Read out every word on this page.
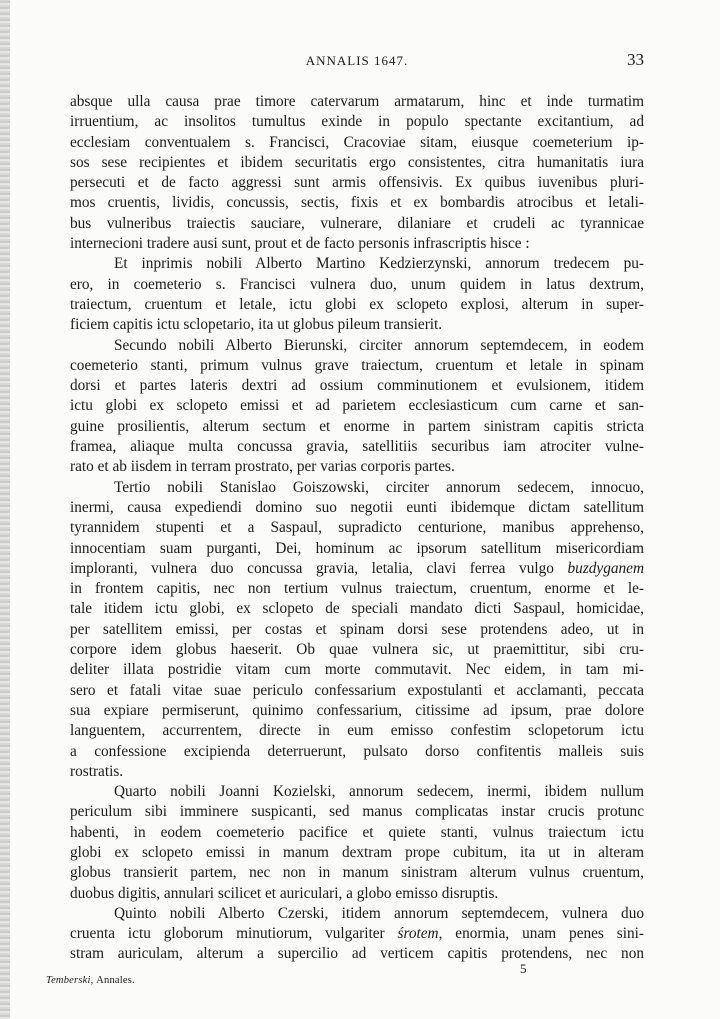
ANNALIS 1647.	33
absque ulla causa prae timore catervarum armatarum, hinc et inde turmatim
irruentium, ac insolitos tumultus exinde in populo spectante excitantium, ad
ecclesiam conventualem s. Francisci, Cracoviae sitam, eiusque coemeterium ip-
sos sese recipientes et ibidem securitatis ergo consistentes, citra humanitatis iura
persecuti et de facto aggressi sunt armis offensivis. Ex quibus iuvenibus pluri-
mos cruentis, lividis, concussis, sectis, fixis et ex bombardis atrocibus et letali-
bus vulneribus traiectis sauciare, vulnerare, dilaniare et crudeli ac tyrannicae
internecioni tradere ausi sunt, prout et de facto personis infrascriptis hisce :
Et inprimis nobili Alberto Martino Kedzierzynski, annorum tredecem pu-
ero, in coemeterio s. Francisci vulnera duo, unum quidem in latus dextrum,
traiectum, cruentum et letale, ictu globi ex sclopeto explosi, alterum in super-
ficiem capitis ictu sclopetario, ita ut globus pileum transierit.
Secundo nobili Alberto Bierunski, circiter annorum septemdecem, in eodem
coemeterio stanti, primum vulnus grave traiectum, cruentum et letale in spinam
dorsi et partes lateris dextri ad ossium comminutionem et evulsionem, itidem
ictu globi ex sclopeto emissi et ad parietem ecclesiasticum cum carne et san-
guine prosilientis, alterum sectum et enorme in partem sinistram capitis stricta
framea, aliaque multa concussa gravia, satellitiis securibus iam atrociter vulne-
rato et ab iisdem in terram prostrato, per varias corporis partes.
Tertio nobili Stanislao Goiszowski, circiter annorum sedecem, innocuo,
inermi, causa expediendi domino suo negotii eunti ibidemque dictam satellitum
tyrannidem stupenti et a Saspaul, supradicto centurione, manibus apprehenso,
innocentiam suam purganti, Dei, hominum ac ipsorum satellitum misericordiam
imploranti, vulnera duo concussa gravia, letalia, clavi ferrea vulgo buzdyganem
in frontem capitis, nec non tertium vulnus traiectum, cruentum, enorme et le-
tale itidem ictu globi, ex sclopeto de speciali mandato dicti Saspaul, homicidae,
per satellitem emissi, per costas et spinam dorsi sese protendens adeo, ut in
corpore idem globus haeserit. Ob quae vulnera sic, ut praemittitur, sibi cru-
deliter illata postridie vitam cum morte commutavit. Nec eidem, in tam mi-
sero et fatali vitae suae periculo confessarium expostulanti et acclamanti, peccata
sua expiare permiserunt, quinimo confessarium, citissime ad ipsum, prae dolore
languentem, accurrentem, directe in eum emisso confestim sclopetorum ictu
a confessione excipienda deterruerunt, pulsato dorso confitentis malleis suis
rostratis.
Quarto nobili Joanni Kozielski, annorum sedecem, inermi, ibidem nullum
periculum sibi imminere suspicanti, sed manus complicatas instar crucis protunc
habenti, in eodem coemeterio pacifice et quiete stanti, vulnus traiectum ictu
globi ex sclopeto emissi in manum dextram prope cubitum, ita ut in alteram
globus transierit partem, nec non in manum sinistram alterum vulnus cruentum,
duobus digitis, annulari scilicet et auriculari, a globo emisso disruptis.
Quinto nobili Alberto Czerski, itidem annorum septemdecem, vulnera duo
cruenta ictu globorum minutiorum, vulgariter śrotem, enormia, unam penes sini-
stram auriculam, alterum a supercilio ad verticem capitis protendens, nec non
Temberski, Annales.
5
